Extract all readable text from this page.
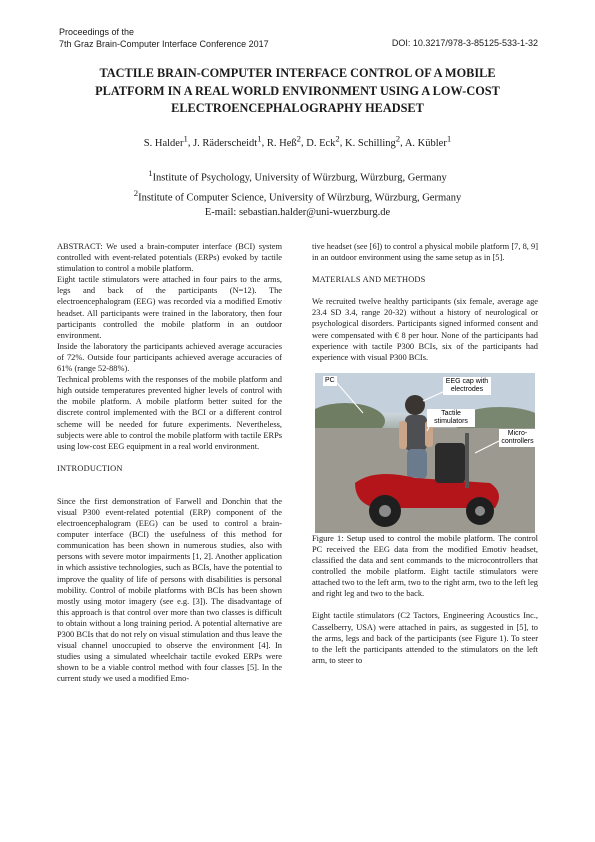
Proceedings of the
7th Graz Brain-Computer Interface Conference 2017	DOI: 10.3217/978-3-85125-533-1-32
TACTILE BRAIN-COMPUTER INTERFACE CONTROL OF A MOBILE
PLATFORM IN A REAL WORLD ENVIRONMENT USING A LOW-COST
ELECTROENCEPHALOGRAPHY HEADSET
S. Halder$^1$, J. Räderscheidt$^1$, R. Heß$^2$, D. Eck$^2$, K. Schilling$^2$, A. Kübler$^1$
$^1$Institute of Psychology, University of Würzburg, Würzburg, Germany
$^2$Institute of Computer Science, University of Würzburg, Würzburg, Germany
E-mail: sebastian.halder@uni-wuerzburg.de

ABSTRACT: We used a brain-computer interface (BCI) system controlled with event-related potentials (ERPs) evoked by tactile stimulation to control a mobile platform.

Eight tactile stimulators were attached in four pairs to the arms, legs and back of the participants (N=12). The electroencephalogram (EEG) was recorded via a modified Emotiv headset. All participants were trained in the laboratory, then four participants controlled the mobile platform in an outdoor environment.

Inside the laboratory the participants achieved average accuracies of 72%. Outside four participants achieved average accuracies of 61% (range 52-88%).

Technical problems with the responses of the mobile platform and high outside temperatures prevented higher levels of control with the mobile platform. A mobile platform better suited for the discrete control implemented with the BCI or a different control scheme will be needed for future experiments. Nevertheless, subjects were able to control the mobile platform with tactile ERPs using low-cost EEG equipment in a real world environment.

INTRODUCTION

Since the first demonstration of Farwell and Donchin that the visual P300 event-related potential (ERP) component of the electroencephalogram (EEG) can be used to control a brain-computer interface (BCI) the usefulness of this method for communication has been shown in numerous studies, also with persons with severe motor impairments [1, 2]. Another application in which assistive technologies, such as BCIs, have the potential to improve the quality of life of persons with disabilities is personal mobility. Control of mobile platforms with BCIs has been shown mostly using motor imagery (see e.g. [3]). The disadvantage of this approach is that control over more than two classes is difficult to obtain without a long training period. A potential alternative are P300 BCIs that do not rely on visual stimulation and thus leave the visual channel unoccupied to observe the environment [4]. In studies using a simulated wheelchair tactile evoked ERPs were shown to be a viable control method with four classes [5]. In the current study we used a modified Emo-

tive headset (see [6]) to control a physical mobile platform [7, 8, 9] in an outdoor environment using the same setup as in [5].

MATERIALS AND METHODS

We recruited twelve healthy participants (six female, average age 23.4 SD 3.4, range 20-32) without a history of neurological or psychological disorders. Participants signed informed consent and were compensated with € 8 per hour. None of the participants had experience with tactile P300 BCIs, six of the participants had experience with visual P300 BCIs.

PC	EEG cap with electrodes
Tactile stimulators
Micro-controllers

Figure 1: Setup used to control the mobile platform. The control PC received the EEG data from the modified Emotiv headset, classified the data and sent commands to the microcontrollers that controlled the mobile platform. Eight tactile stimulators were attached two to the left arm, two to the right arm, two to the left leg and right leg and two to the back.

Eight tactile stimulators (C2 Tactors, Engineering Acoustics Inc., Casselberry, USA) were attached in pairs, as suggested in [5], to the arms, legs and back of the participants (see Figure 1). To steer to the left the participants attended to the stimulators on the left arm, to steer to
